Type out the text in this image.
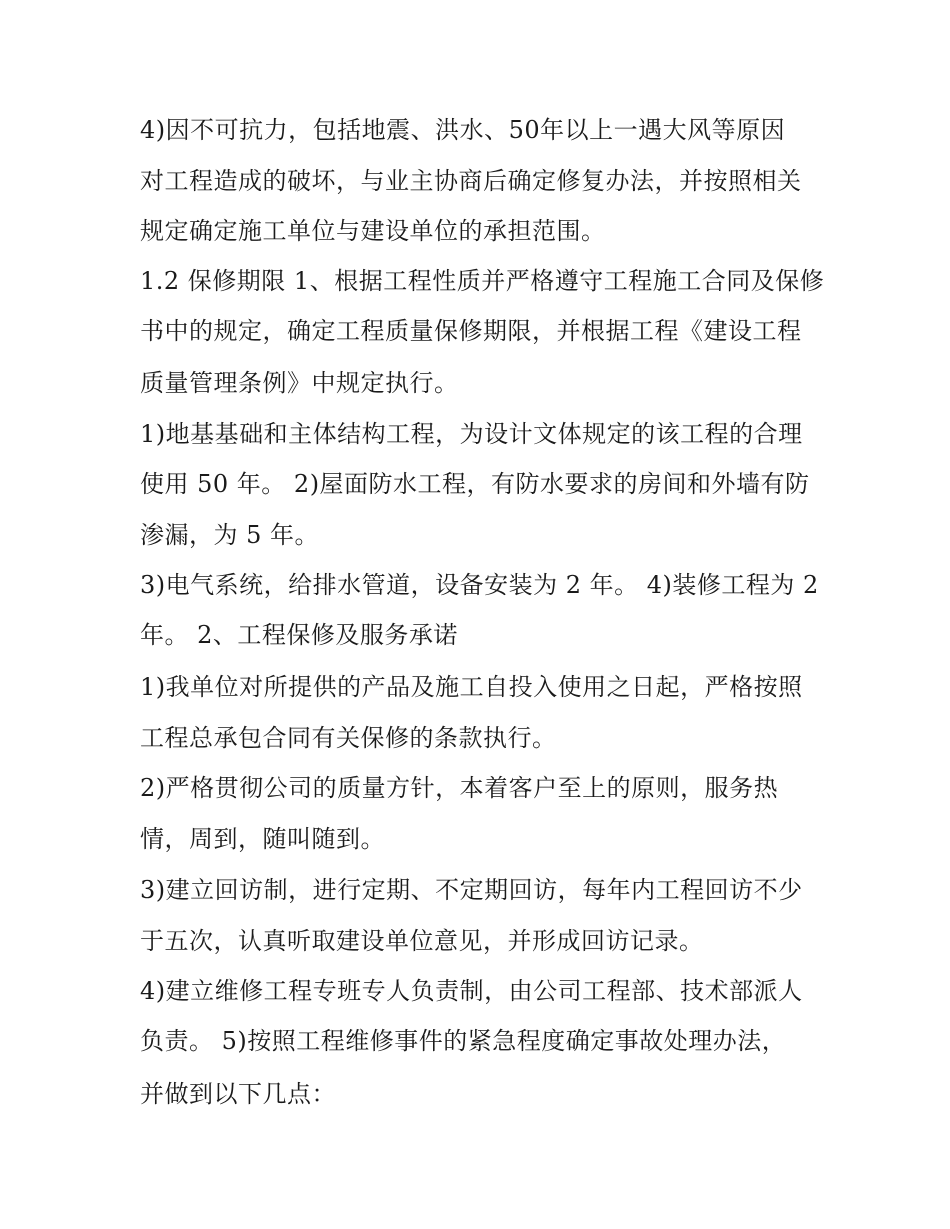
4)因不可抗力，包括地震、洪水、50年以上一遇大风等原因
对工程造成的破坏，与业主协商后确定修复办法，并按照相关
规定确定施工单位与建设单位的承担范围。
1.2 保修期限 1、根据工程性质并严格遵守工程施工合同及保修
书中的规定，确定工程质量保修期限，并根据工程《建设工程
质量管理条例》中规定执行。
1)地基基础和主体结构工程，为设计文体规定的该工程的合理
使用 50 年。 2)屋面防水工程，有防水要求的房间和外墙有防
渗漏，为 5 年。
3)电气系统，给排水管道，设备安装为 2 年。 4)装修工程为 2
年。 2、工程保修及服务承诺
1)我单位对所提供的产品及施工自投入使用之日起，严格按照
工程总承包合同有关保修的条款执行。
2)严格贯彻公司的质量方针，本着客户至上的原则，服务热
情，周到，随叫随到。
3)建立回访制，进行定期、不定期回访，每年内工程回访不少
于五次，认真听取建设单位意见，并形成回访记录。
4)建立维修工程专班专人负责制，由公司工程部、技术部派人
负责。 5)按照工程维修事件的紧急程度确定事故处理办法，
并做到以下几点：
